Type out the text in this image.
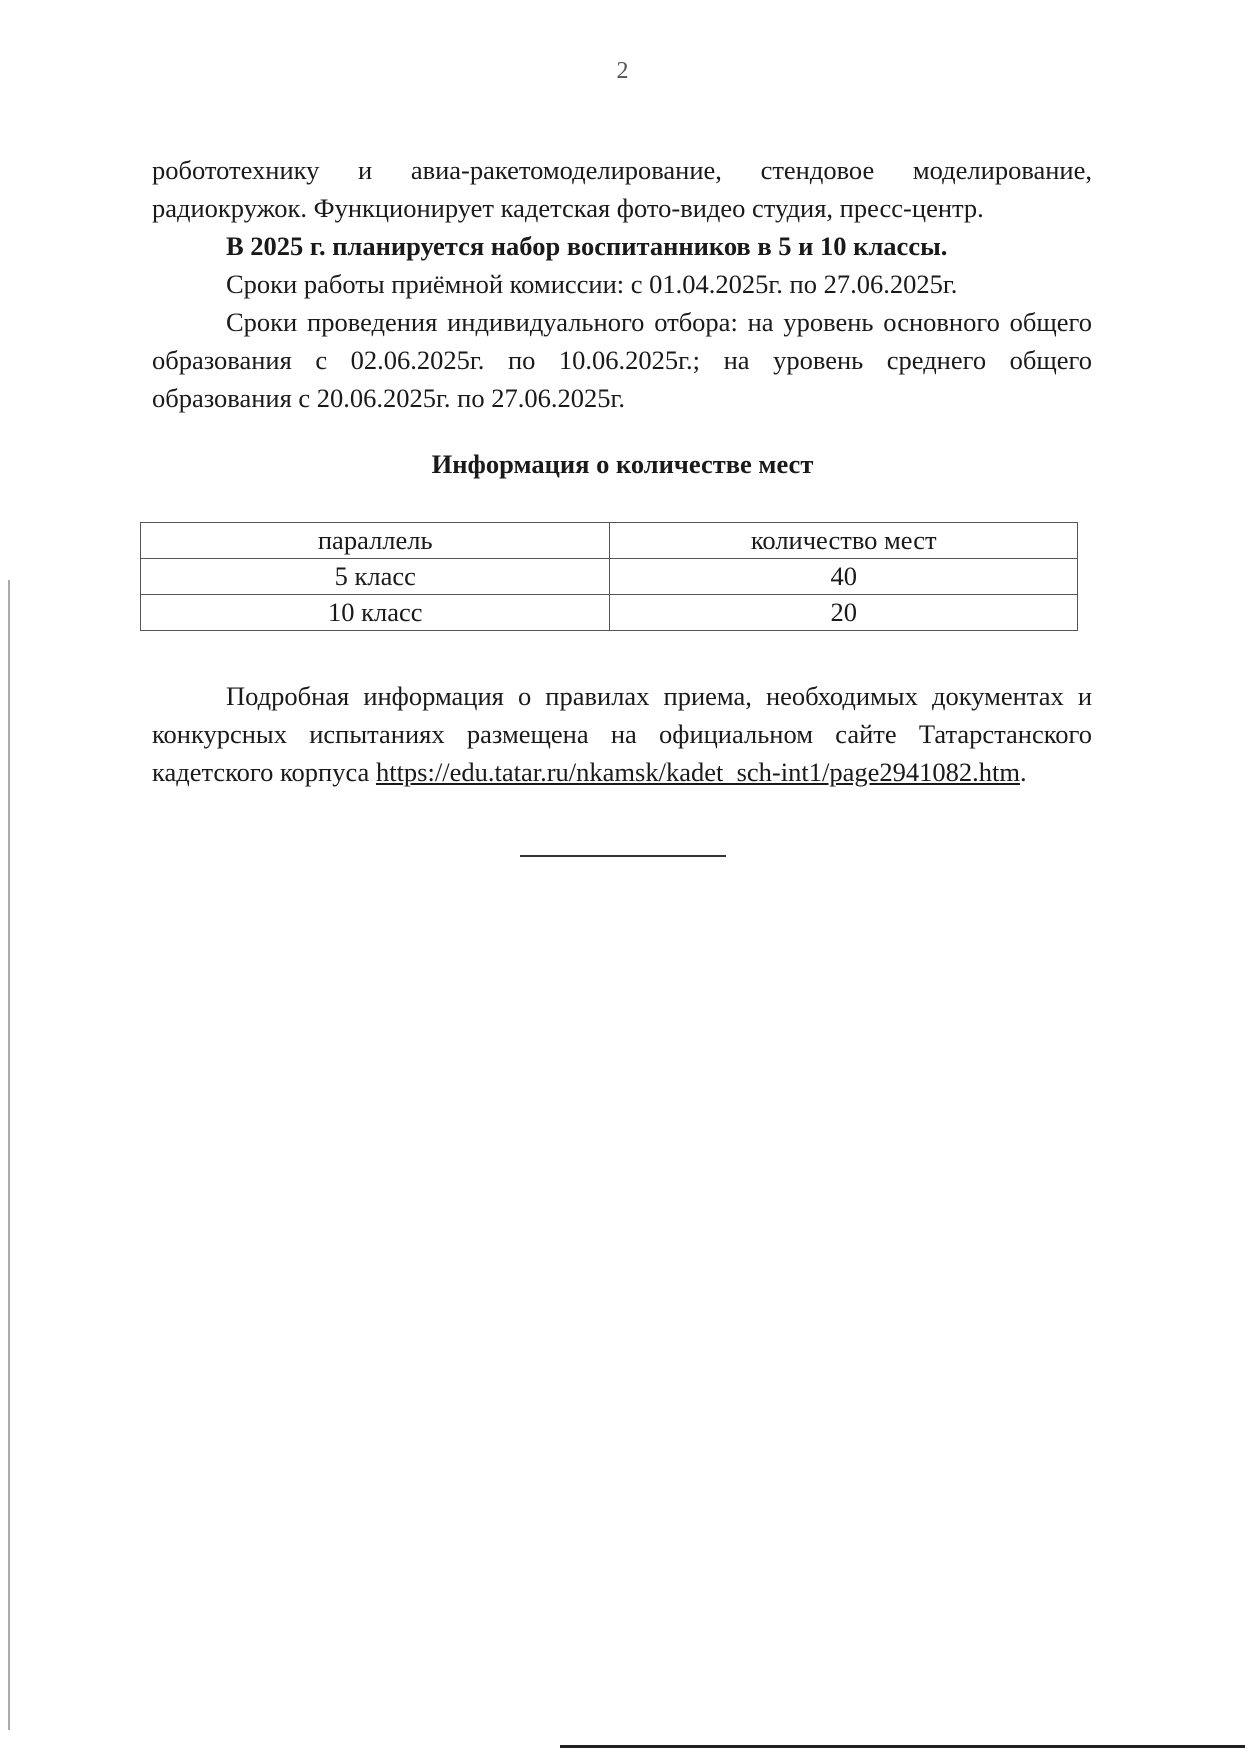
2

робототехнику и авиа-ракетомоделирование, стендовое моделирование, радиокружок. Функционирует кадетская фото-видео студия, пресс-центр.

В 2025 г. планируется набор воспитанников в 5 и 10 классы.

Сроки работы приёмной комиссии: с 01.04.2025г. по 27.06.2025г.

Сроки проведения индивидуального отбора: на уровень основного общего образования с 02.06.2025г. по 10.06.2025г.; на уровень среднего общего образования с 20.06.2025г. по 27.06.2025г.

Информация о количестве мест
параллель	количество мест
5 класс	40
10 класс	20

Подробная информация о правилах приема, необходимых документах и конкурсных испытаниях размещена на официальном сайте Татарстанского кадетского корпуса https://edu.tatar.ru/nkamsk/kadet_sch-int1/page2941082.htm.
